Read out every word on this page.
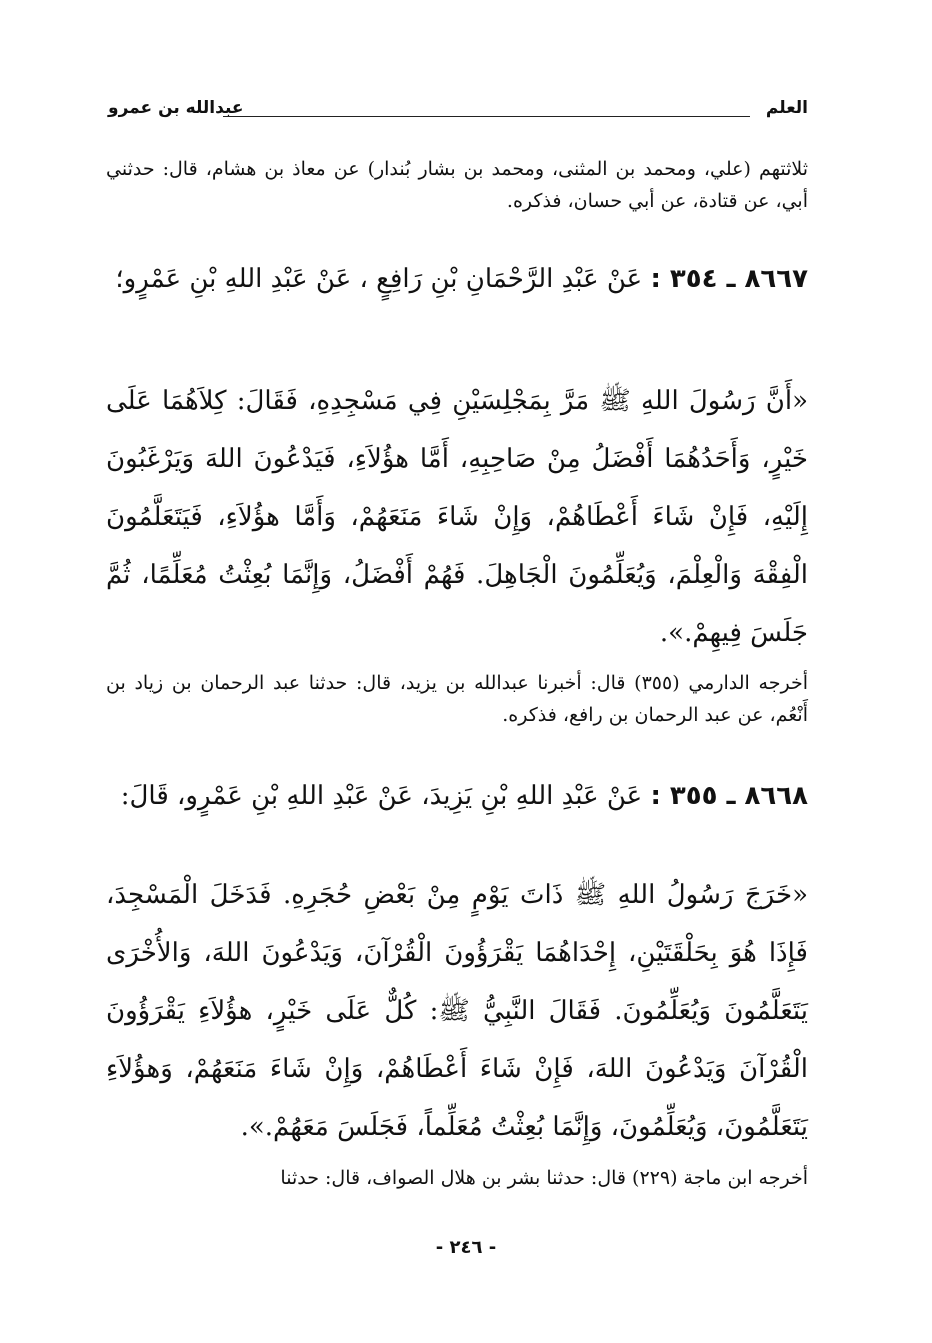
العلم
عبدالله بن عمرو
ثلاثتهم (علي، ومحمد بن المثنى، ومحمد بن بشار بُندار) عن معاذ بن هشام، قال: حدثني أبي، عن قتادة، عن أبي حسان، فذكره.
٨٦٦٧ ـ ٣٥٤ : عَنْ عَبْدِ الرَّحْمَانِ بْنِ رَافِعٍ ، عَنْ عَبْدِ اللهِ بْنِ عَمْرٍو؛
«أَنَّ رَسُولَ اللهِ ﷺ مَرَّ بِمَجْلِسَيْنِ فِي مَسْجِدِهِ، فَقَالَ: كِلاَهُمَا عَلَى خَيْرٍ، وَأَحَدُهُمَا أَفْضَلُ مِنْ صَاحِبِهِ، أَمَّا هؤُلاَءِ، فَيَدْعُونَ اللهَ وَيَرْغَبُونَ إِلَيْهِ، فَإِنْ شَاءَ أَعْطَاهُمْ، وَإِنْ شَاءَ مَنَعَهُمْ، وَأَمَّا هؤُلاَءِ، فَيَتَعَلَّمُونَ الْفِقْهَ وَالْعِلْمَ، وَيُعَلِّمُونَ الْجَاهِلَ. فَهُمْ أَفْضَلُ، وَإِنَّمَا بُعِثْتُ مُعَلِّمًا، ثُمَّ جَلَسَ فِيهِمْ.».
أخرجه الدارمي (٣٥٥) قال: أخبرنا عبدالله بن يزيد، قال: حدثنا عبد الرحمان بن زياد بن أَنْعُم، عن عبد الرحمان بن رافع، فذكره.
٨٦٦٨ ـ ٣٥٥ : عَنْ عَبْدِ اللهِ بْنِ يَزِيدَ، عَنْ عَبْدِ اللهِ بْنِ عَمْرٍو، قَالَ:
«خَرَجَ رَسُولُ اللهِ ﷺ ذَاتَ يَوْمٍ مِنْ بَعْضِ حُجَرِهِ. فَدَخَلَ الْمَسْجِدَ، فَإِذَا هُوَ بِحَلْقَتَيْنِ، إِحْدَاهُمَا يَقْرَؤُونَ الْقُرْآنَ، وَيَدْعُونَ اللهَ، وَالأُخْرَى يَتَعَلَّمُونَ وَيُعَلِّمُونَ. فَقَالَ النَّبِيُّ ﷺ: كُلٌّ عَلَى خَيْرٍ، هؤُلاَءِ يَقْرَؤُونَ الْقُرْآنَ وَيَدْعُونَ اللهَ، فَإِنْ شَاءَ أَعْطَاهُمْ، وَإِنْ شَاءَ مَنَعَهُمْ، وَهؤُلاَءِ يَتَعَلَّمُونَ، وَيُعَلِّمُونَ، وَإِنَّمَا بُعِثْتُ مُعَلِّماً، فَجَلَسَ مَعَهُمْ.».
أخرجه ابن ماجة (٢٢٩) قال: حدثنا بشر بن هلال الصواف، قال: حدثنا
- ٢٤٦ -
